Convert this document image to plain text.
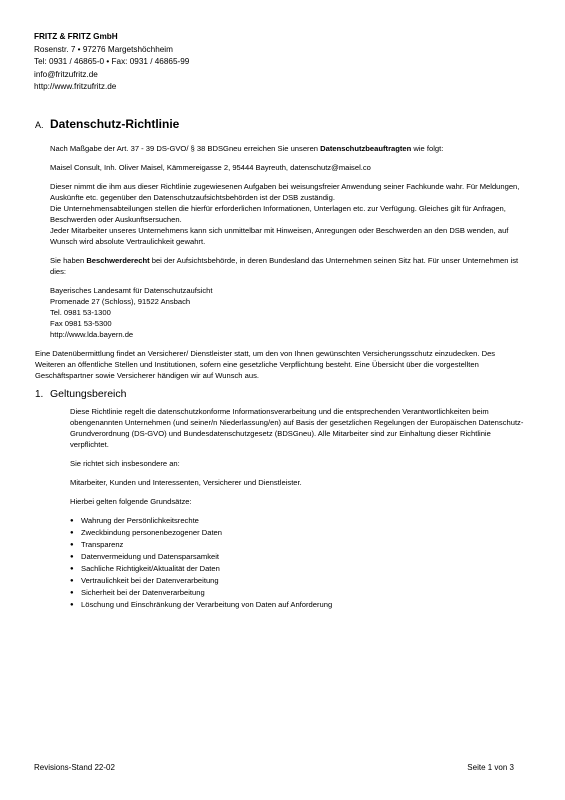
FRITZ & FRITZ GmbH
Rosenstr. 7 • 97276 Margetshöchheim
Tel: 0931 / 46865-0 • Fax: 0931 / 46865-99
info@fritzufritz.de
http://www.fritzufritz.de
A. Datenschutz-Richtlinie
Nach Maßgabe der Art. 37 - 39 DS-GVO/ § 38 BDSGneu erreichen Sie unseren Datenschutzbeauftragten wie folgt:
Maisel Consult, Inh. Oliver Maisel, Kämmereigasse 2, 95444 Bayreuth, datenschutz@maisel.co
Dieser nimmt die ihm aus dieser Richtlinie zugewiesenen Aufgaben bei weisungsfreier Anwendung seiner Fachkunde wahr. Für Meldungen,
Auskünfte etc. gegenüber den Datenschutzaufsichtsbehörden ist der DSB zuständig.
Die Unternehmensabteilungen stellen die hierfür erforderlichen Informationen, Unterlagen etc. zur Verfügung. Gleiches gilt für Anfragen,
Beschwerden oder Auskunftsersuchen.
Jeder Mitarbeiter unseres Unternehmens kann sich unmittelbar mit Hinweisen, Anregungen oder Beschwerden an den DSB wenden, auf
Wunsch wird absolute Vertraulichkeit gewahrt.
Sie haben Beschwerderecht bei der Aufsichtsbehörde, in deren Bundesland das Unternehmen seinen Sitz hat. Für unser Unternehmen ist
dies:
Bayerisches Landesamt für Datenschutzaufsicht
Promenade 27 (Schloss), 91522 Ansbach
Tel. 0981 53-1300
Fax 0981 53-5300
http://www.lda.bayern.de
Eine Datenübermittlung findet an Versicherer/ Dienstleister statt, um den von Ihnen gewünschten Versicherungsschutz einzudecken. Des
Weiteren an öffentliche Stellen und Institutionen, sofern eine gesetzliche Verpflichtung besteht. Eine Übersicht über die vorgestellten
Geschäftspartner sowie Versicherer händigen wir auf Wunsch aus.
1. Geltungsbereich
Diese Richtlinie regelt die datenschutzkonforme Informationsverarbeitung und die entsprechenden Verantwortlichkeiten beim
obengenannten Unternehmen (und seiner/n Niederlassung/en) auf Basis der gesetzlichen Regelungen der Europäischen Datenschutz-
Grundverordnung (DS-GVO) und Bundesdatenschutzgesetz (BDSGneu). Alle Mitarbeiter sind zur Einhaltung dieser Richtlinie verpflichtet.
Sie richtet sich insbesondere an:
Mitarbeiter, Kunden und Interessenten, Versicherer und Dienstleister.
Hierbei gelten folgende Grundsätze:
● Wahrung der Persönlichkeitsrechte
● Zweckbindung personenbezogener Daten
● Transparenz
● Datenvermeidung und Datensparsamkeit
● Sachliche Richtigkeit/Aktualität der Daten
● Vertraulichkeit bei der Datenverarbeitung
● Sicherheit bei der Datenverarbeitung
● Löschung und Einschränkung der Verarbeitung von Daten auf Anforderung
Revisions-Stand 22-02	Seite 1 von 3
